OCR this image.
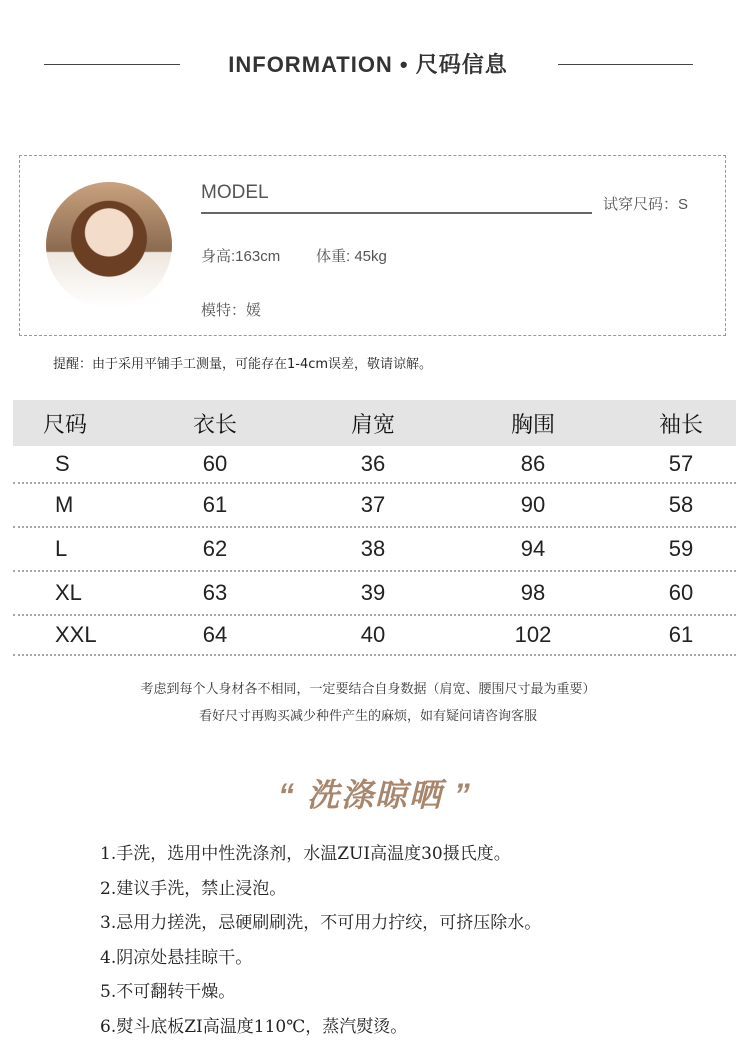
INFORMATION • 尺码信息
MODEL
试穿尺码：S
身高:163cm 体重: 45kg
模特：媛
提醒：由于采用平铺手工测量，可能存在1-4cm误差，敬请谅解。
尺码	衣长	肩宽	胸围	袖长
S	60	36	86	57
M	61	37	90	58
L	62	38	94	59
XL	63	39	98	60
XXL	64	40	102	61
考虑到每个人身材各不相同，一定要结合自身数据（肩宽、腰围尺寸最为重要）
看好尺寸再购买减少种件产生的麻烦，如有疑问请咨询客服
“ 洗涤晾晒 ”
1.手洗，选用中性洗涤剂，水温ZUI高温度30摄氏度。
2.建议手洗，禁止浸泡。
3.忌用力搓洗，忌硬刷刷洗，不可用力拧绞，可挤压除水。
4.阴凉处悬挂晾干。
5.不可翻转干燥。
6.熨斗底板ZI高温度110℃，蒸汽熨烫。
